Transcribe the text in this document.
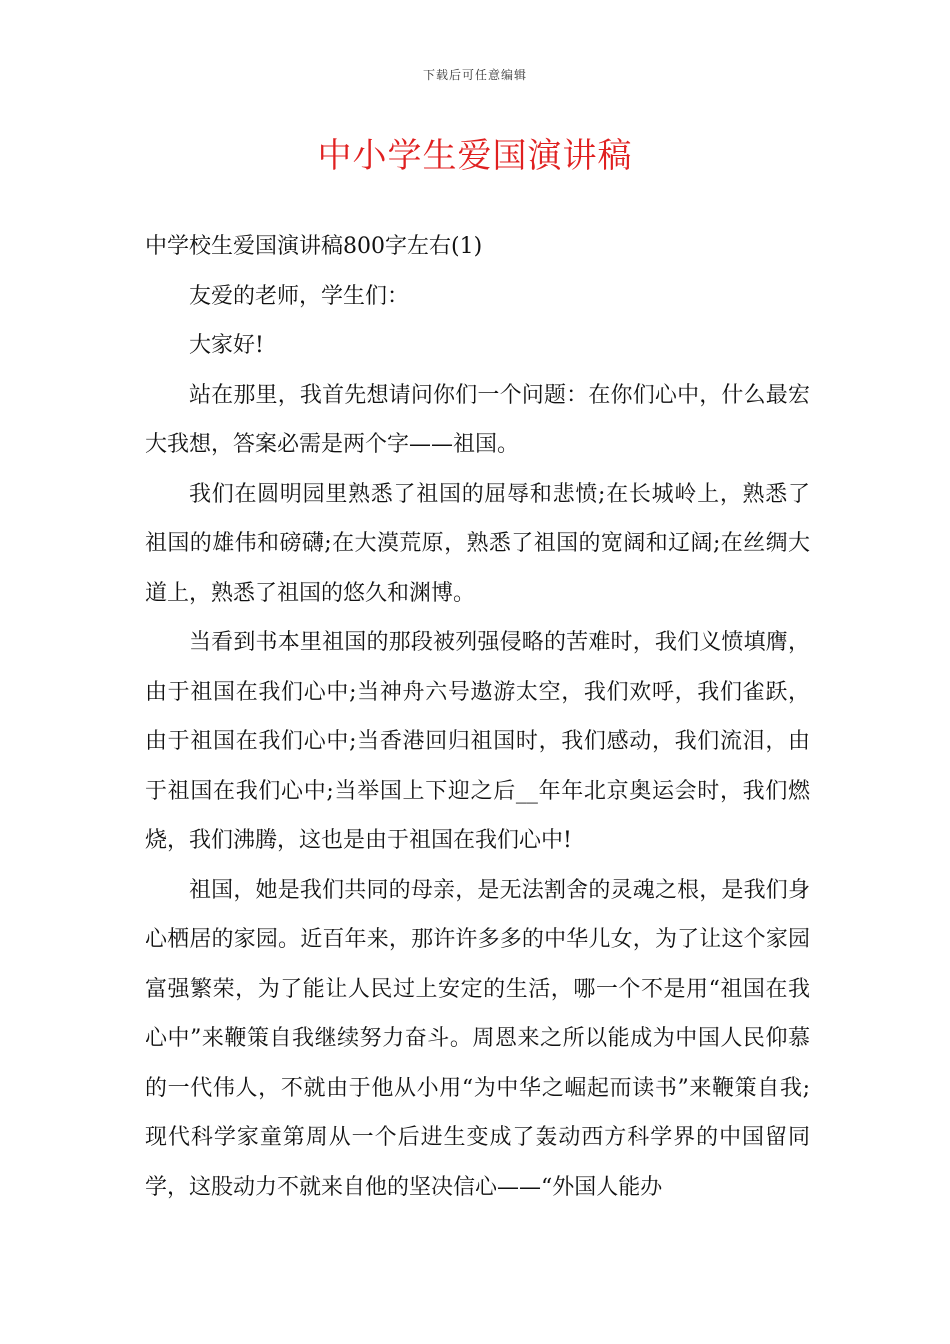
下载后可任意编辑
中小学生爱国演讲稿

中学校生爱国演讲稿800字左右(1)

友爱的老师，学生们：

大家好!

站在那里，我首先想请问你们一个问题：在你们心中，什么最宏大我想，答案必需是两个字——祖国。

我们在圆明园里熟悉了祖国的屈辱和悲愤;在长城岭上，熟悉了祖国的雄伟和磅礴;在大漠荒原，熟悉了祖国的宽阔和辽阔;在丝绸大道上，熟悉了祖国的悠久和渊博。

当看到书本里祖国的那段被列强侵略的苦难时，我们义愤填膺，由于祖国在我们心中;当神舟六号遨游太空，我们欢呼，我们雀跃，由于祖国在我们心中;当香港回归祖国时，我们感动，我们流泪，由于祖国在我们心中;当举国上下迎之后__年年北京奥运会时，我们燃烧，我们沸腾，这也是由于祖国在我们心中!

祖国，她是我们共同的母亲，是无法割舍的灵魂之根，是我们身心栖居的家园。近百年来，那许许多多的中华儿女，为了让这个家园富强繁荣，为了能让人民过上安定的生活，哪一个不是用“祖国在我心中”来鞭策自我继续努力奋斗。周恩来之所以能成为中国人民仰慕的一代伟人，不就由于他从小用“为中华之崛起而读书”来鞭策自我;现代科学家童第周从一个后进生变成了轰动西方科学界的中国留同学，这股动力不就来自他的坚决信心——“外国人能办
